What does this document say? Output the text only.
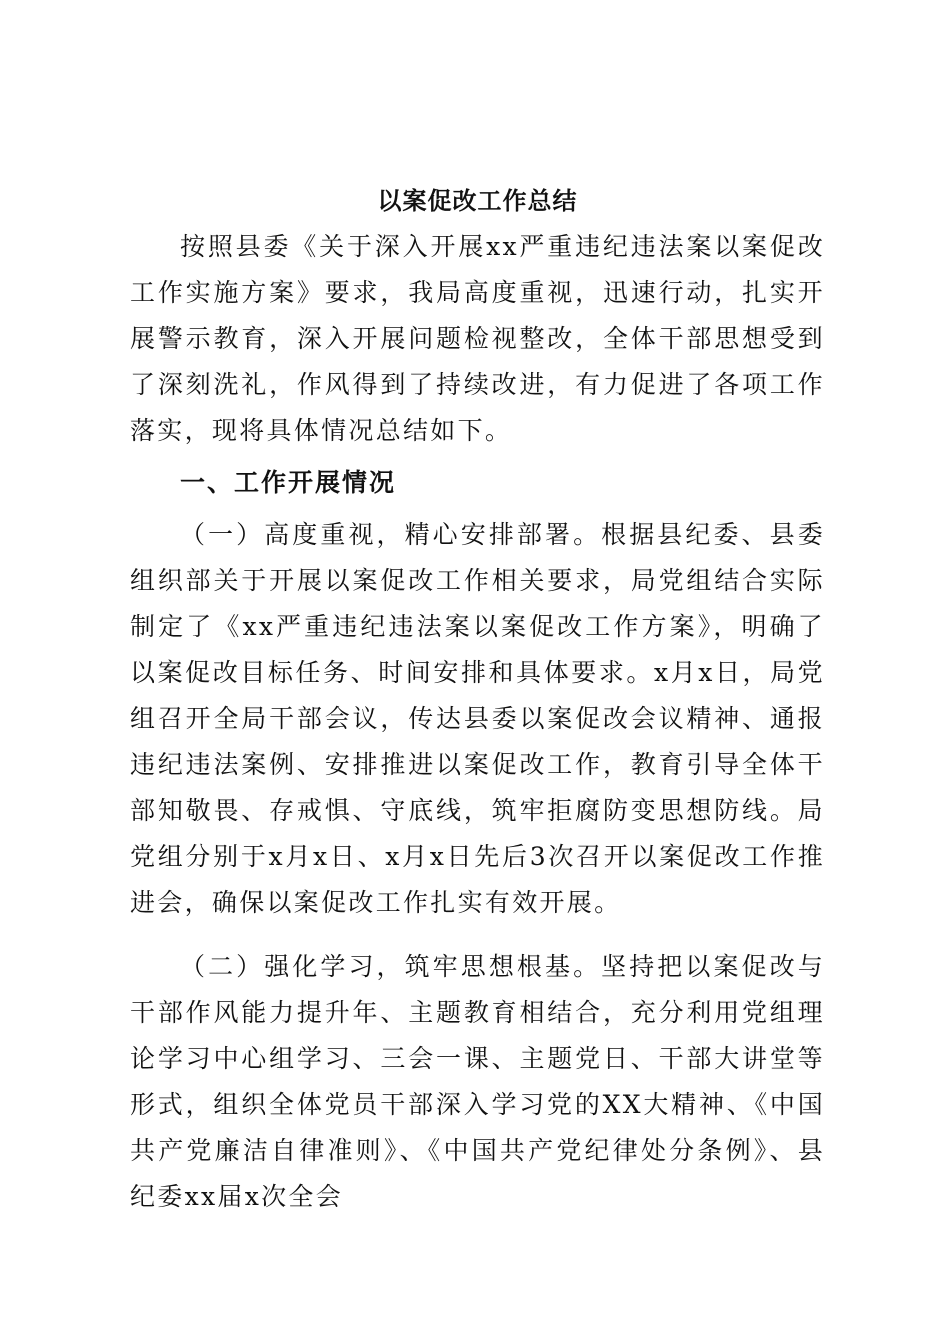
以案促改工作总结

按照县委《关于深入开展xx严重违纪违法案以案促改工作实施方案》要求，我局高度重视，迅速行动，扎实开展警示教育，深入开展问题检视整改，全体干部思想受到了深刻洗礼，作风得到了持续改进，有力促进了各项工作落实，现将具体情况总结如下。

一、工作开展情况

（一）高度重视，精心安排部署。根据县纪委、县委组织部关于开展以案促改工作相关要求，局党组结合实际制定了《xx严重违纪违法案以案促改工作方案》，明确了以案促改目标任务、时间安排和具体要求。x月x日，局党组召开全局干部会议，传达县委以案促改会议精神、通报违纪违法案例、安排推进以案促改工作，教育引导全体干部知敬畏、存戒惧、守底线，筑牢拒腐防变思想防线。局党组分别于x月x日、x月x日先后3次召开以案促改工作推进会，确保以案促改工作扎实有效开展。

（二）强化学习，筑牢思想根基。坚持把以案促改与干部作风能力提升年、主题教育相结合，充分利用党组理论学习中心组学习、三会一课、主题党日、干部大讲堂等形式，组织全体党员干部深入学习党的XX大精神、《中国共产党廉洁自律准则》、《中国共产党纪律处分条例》、县纪委xx届x次全会
